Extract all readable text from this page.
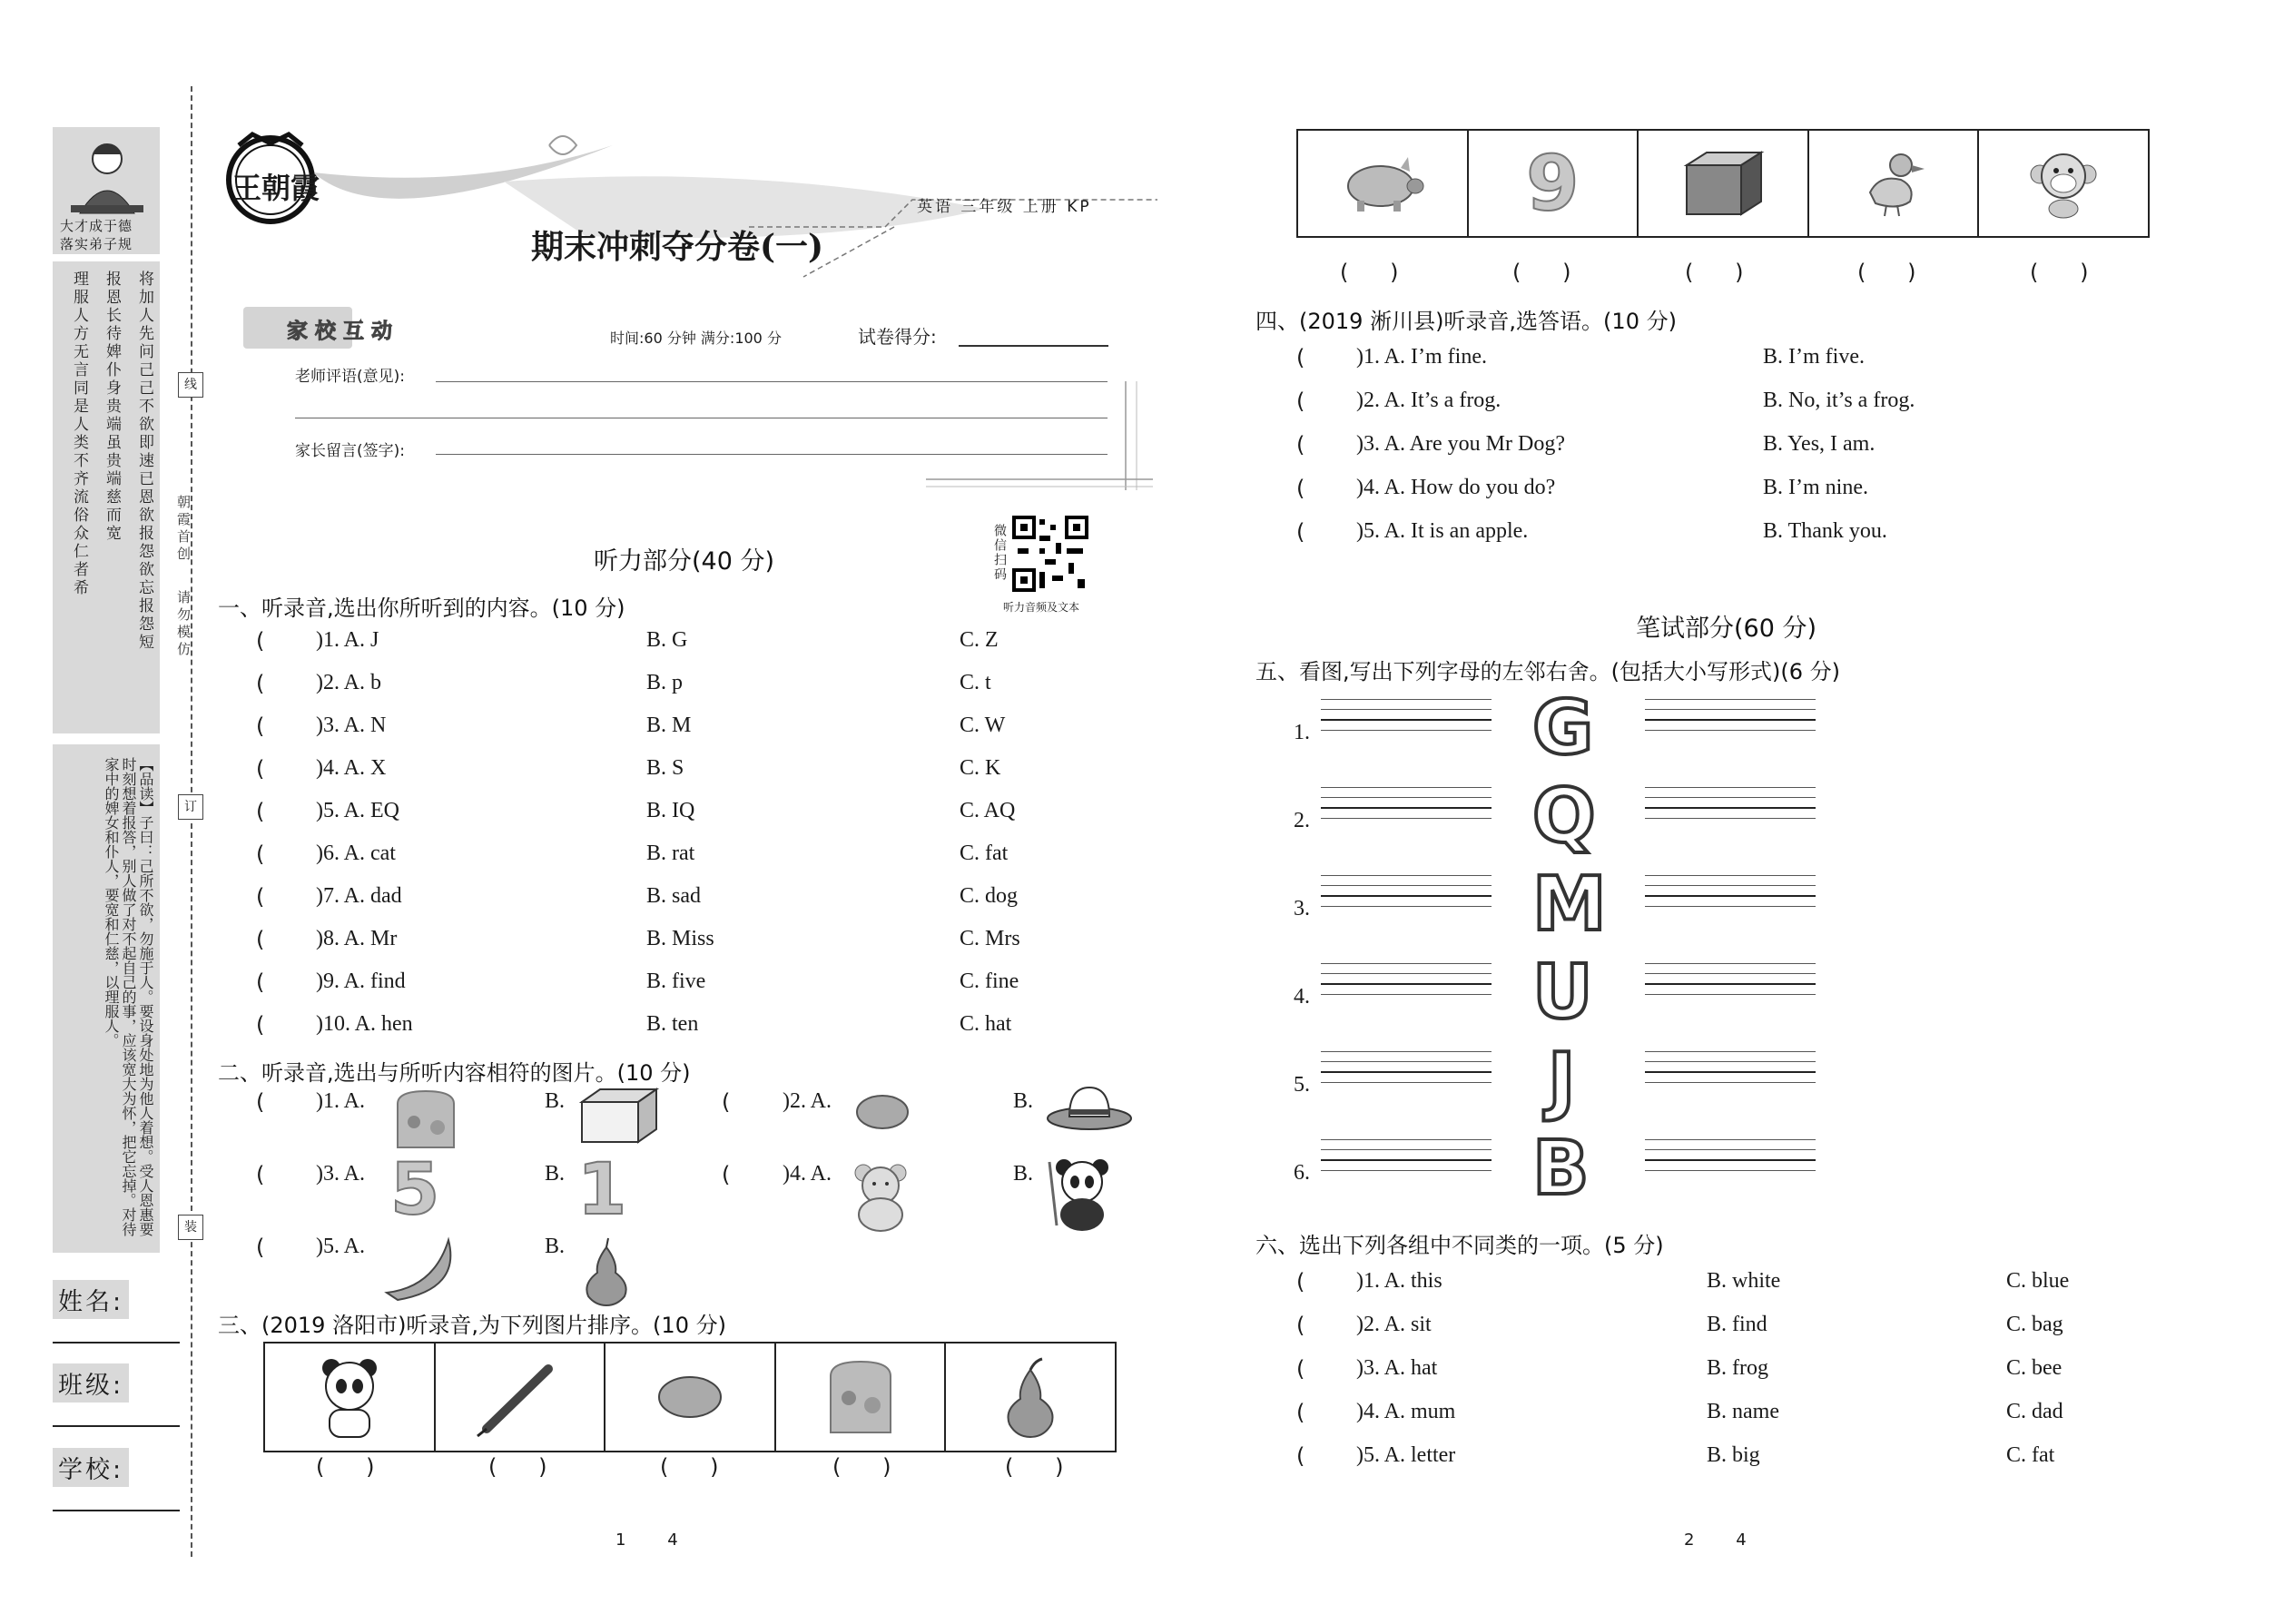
大才成于德
落实弟子规
将加人先问己己不欲即速已恩欲报怨欲忘报怨短
报恩长待婢仆身贵端虽贵端慈而宽
理服人方无言同是人类不齐流俗众仁者希
【品读】子曰：己所不欲，勿施于人。要设身处地为他人着想。受人恩惠要时刻想着报答，别人做了对不起自己的事，应该宽大为怀，把它忘掉。对待家中的婢女和仆人，要宽和仁慈，以理服人。
姓名:
班级:
学校:
线
订
装
朝霞首创
请勿模仿
王朝霞
英语 三年级 上册 KP
期末冲刺夺分卷(一)
家 校 互 动	时间:60 分钟 满分:100 分	试卷得分:
老师评语(意见):
家长留言(签字):
微信扫码
听力音频及文本
听力部分(40 分)
一、听录音,选出你所听到的内容。(10 分)
( )1. A. J	B. G	C. Z
( )2. A. b	B. p	C. t
( )3. A. N	B. M	C. W
( )4. A. X	B. S	C. K
( )5. A. EQ	B. IQ	C. AQ
( )6. A. cat	B. rat	C. fat
( )7. A. dad	B. sad	C. dog
( )8. A. Mr	B. Miss	C. Mrs
( )9. A. find	B. five	C. fine
( )10. A. hen	B. ten	C. hat
二、听录音,选出与所听内容相符的图片。(10 分)
( )1. A.	B.	( )2. A.	B.
( )3. A. 5	B. 1	( )4. A.	B.
( )5. A.	B.
三、(2019 洛阳市)听录音,为下列图片排序。(10 分)
(      )	(      )	(      )	(      )	(      )
1        4
9
(      )	(      )	(      )	(      )	(      )
四、(2019 淅川县)听录音,选答语。(10 分)
( )1. A. I’m fine.	B. I’m five.
( )2. A. It’s a frog.	B. No, it’s a frog.
( )3. A. Are you Mr Dog?	B. Yes, I am.
( )4. A. How do you do?	B. I’m nine.
( )5. A. It is an apple.	B. Thank you.
笔试部分(60 分)
五、看图,写出下列字母的左邻右舍。(包括大小写形式)(6 分)
1.	G
2.	Q
3.	M
4.	U
5.	J
6.	B
六、选出下列各组中不同类的一项。(5 分)
( )1. A. this	B. white	C. blue
( )2. A. sit	B. find	C. bag
( )3. A. hat	B. frog	C. bee
( )4. A. mum	B. name	C. dad
( )5. A. letter	B. big	C. fat
2        4
